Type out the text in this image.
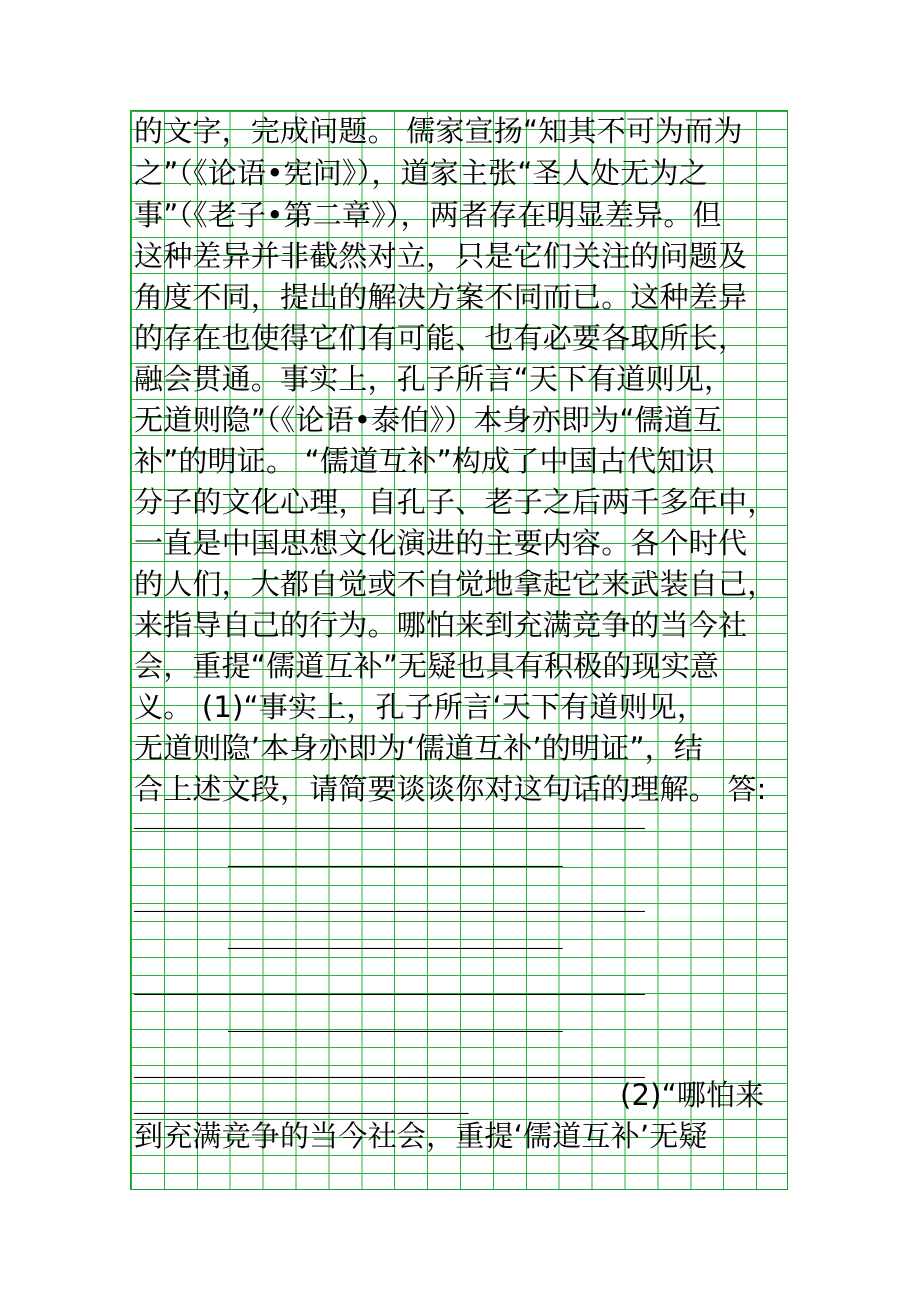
的文字，完成问题。 儒家宣扬“知其不可为而为
之”（《论语•宪问》），道家主张“圣人处无为之
事”（《老子•第二章》），两者存在明显差异。但
这种差异并非截然对立，只是它们关注的问题及
角度不同，提出的解决方案不同而已。这种差异
的存在也使得它们有可能、也有必要各取所长，
融会贯通。事实上，孔子所言“天下有道则见，
无道则隐”（《论语•泰伯》）本身亦即为“儒道互
补”的明证。 “儒道互补”构成了中国古代知识
分子的文化心理，自孔子、老子之后两千多年中，
一直是中国思想文化演进的主要内容。各个时代
的人们，大都自觉或不自觉地拿起它来武装自己，
来指导自己的行为。哪怕来到充满竞争的当今社
会，重提“儒道互补”无疑也具有积极的现实意
义。 (1)“事实上，孔子所言‘天下有道则见，
无道则隐’本身亦即为‘儒道互补’的明证”，结
合上述文段，请简要谈谈你对这句话的理解。 答:
____________________________________________________
__________________________________
____________________________________________________
__________________________________
____________________________________________________
__________________________________
____________________________________________________
__________________________________	(2)“哪怕来
到充满竞争的当今社会，重提‘儒道互补’无疑
